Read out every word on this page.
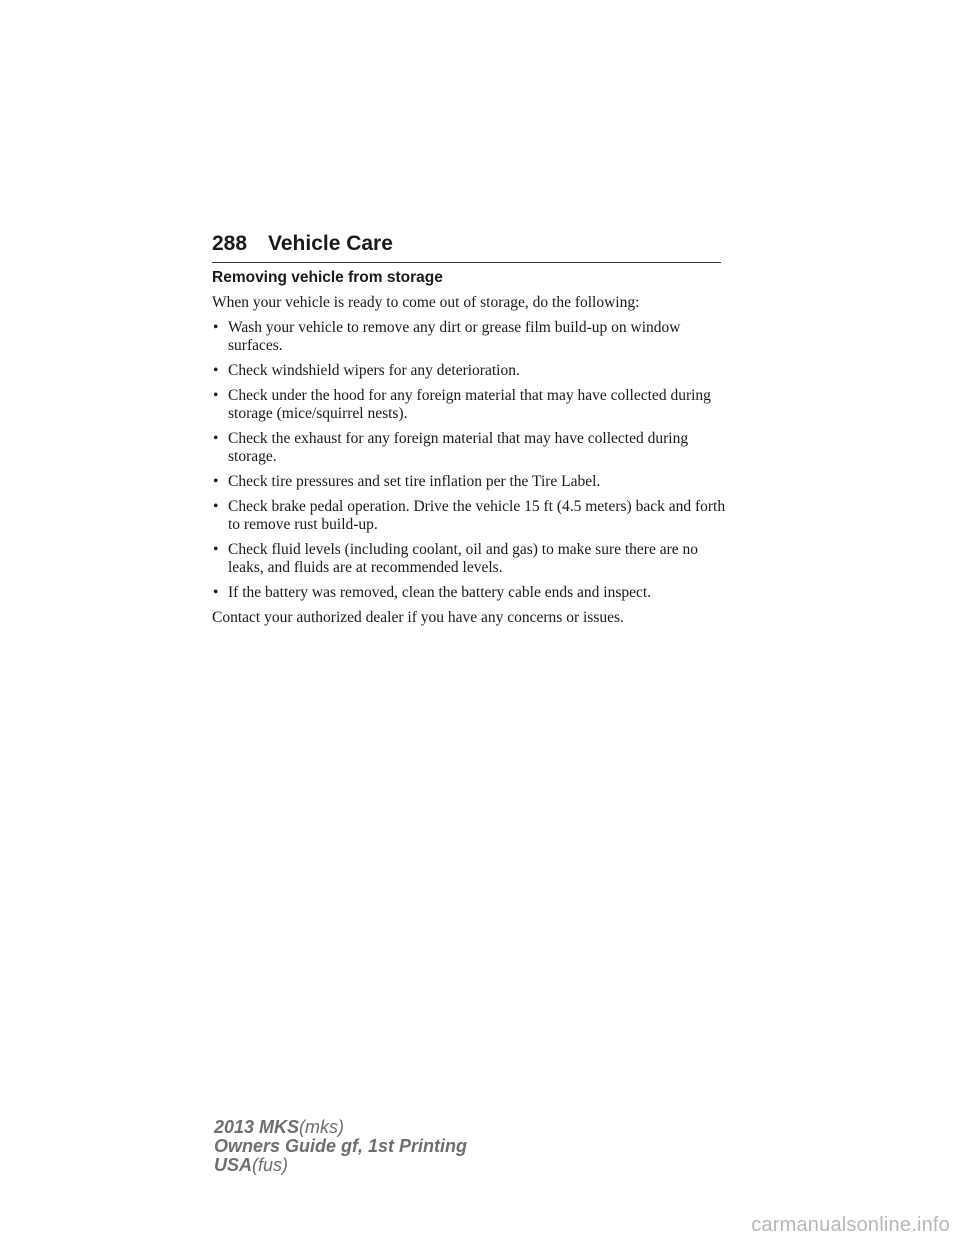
288 Vehicle Care
Removing vehicle from storage

When your vehicle is ready to come out of storage, do the following:

• Wash your vehicle to remove any dirt or grease film build-up on window surfaces.
• Check windshield wipers for any deterioration.
• Check under the hood for any foreign material that may have collected during storage (mice/squirrel nests).
• Check the exhaust for any foreign material that may have collected during storage.
• Check tire pressures and set tire inflation per the Tire Label.
• Check brake pedal operation. Drive the vehicle 15 ft (4.5 meters) back and forth to remove rust build-up.
• Check fluid levels (including coolant, oil and gas) to make sure there are no leaks, and fluids are at recommended levels.
• If the battery was removed, clean the battery cable ends and inspect.

Contact your authorized dealer if you have any concerns or issues.

2013 MKS(mks)
Owners Guide gf, 1st Printing
USA(fus)
carmanualsonline.info
